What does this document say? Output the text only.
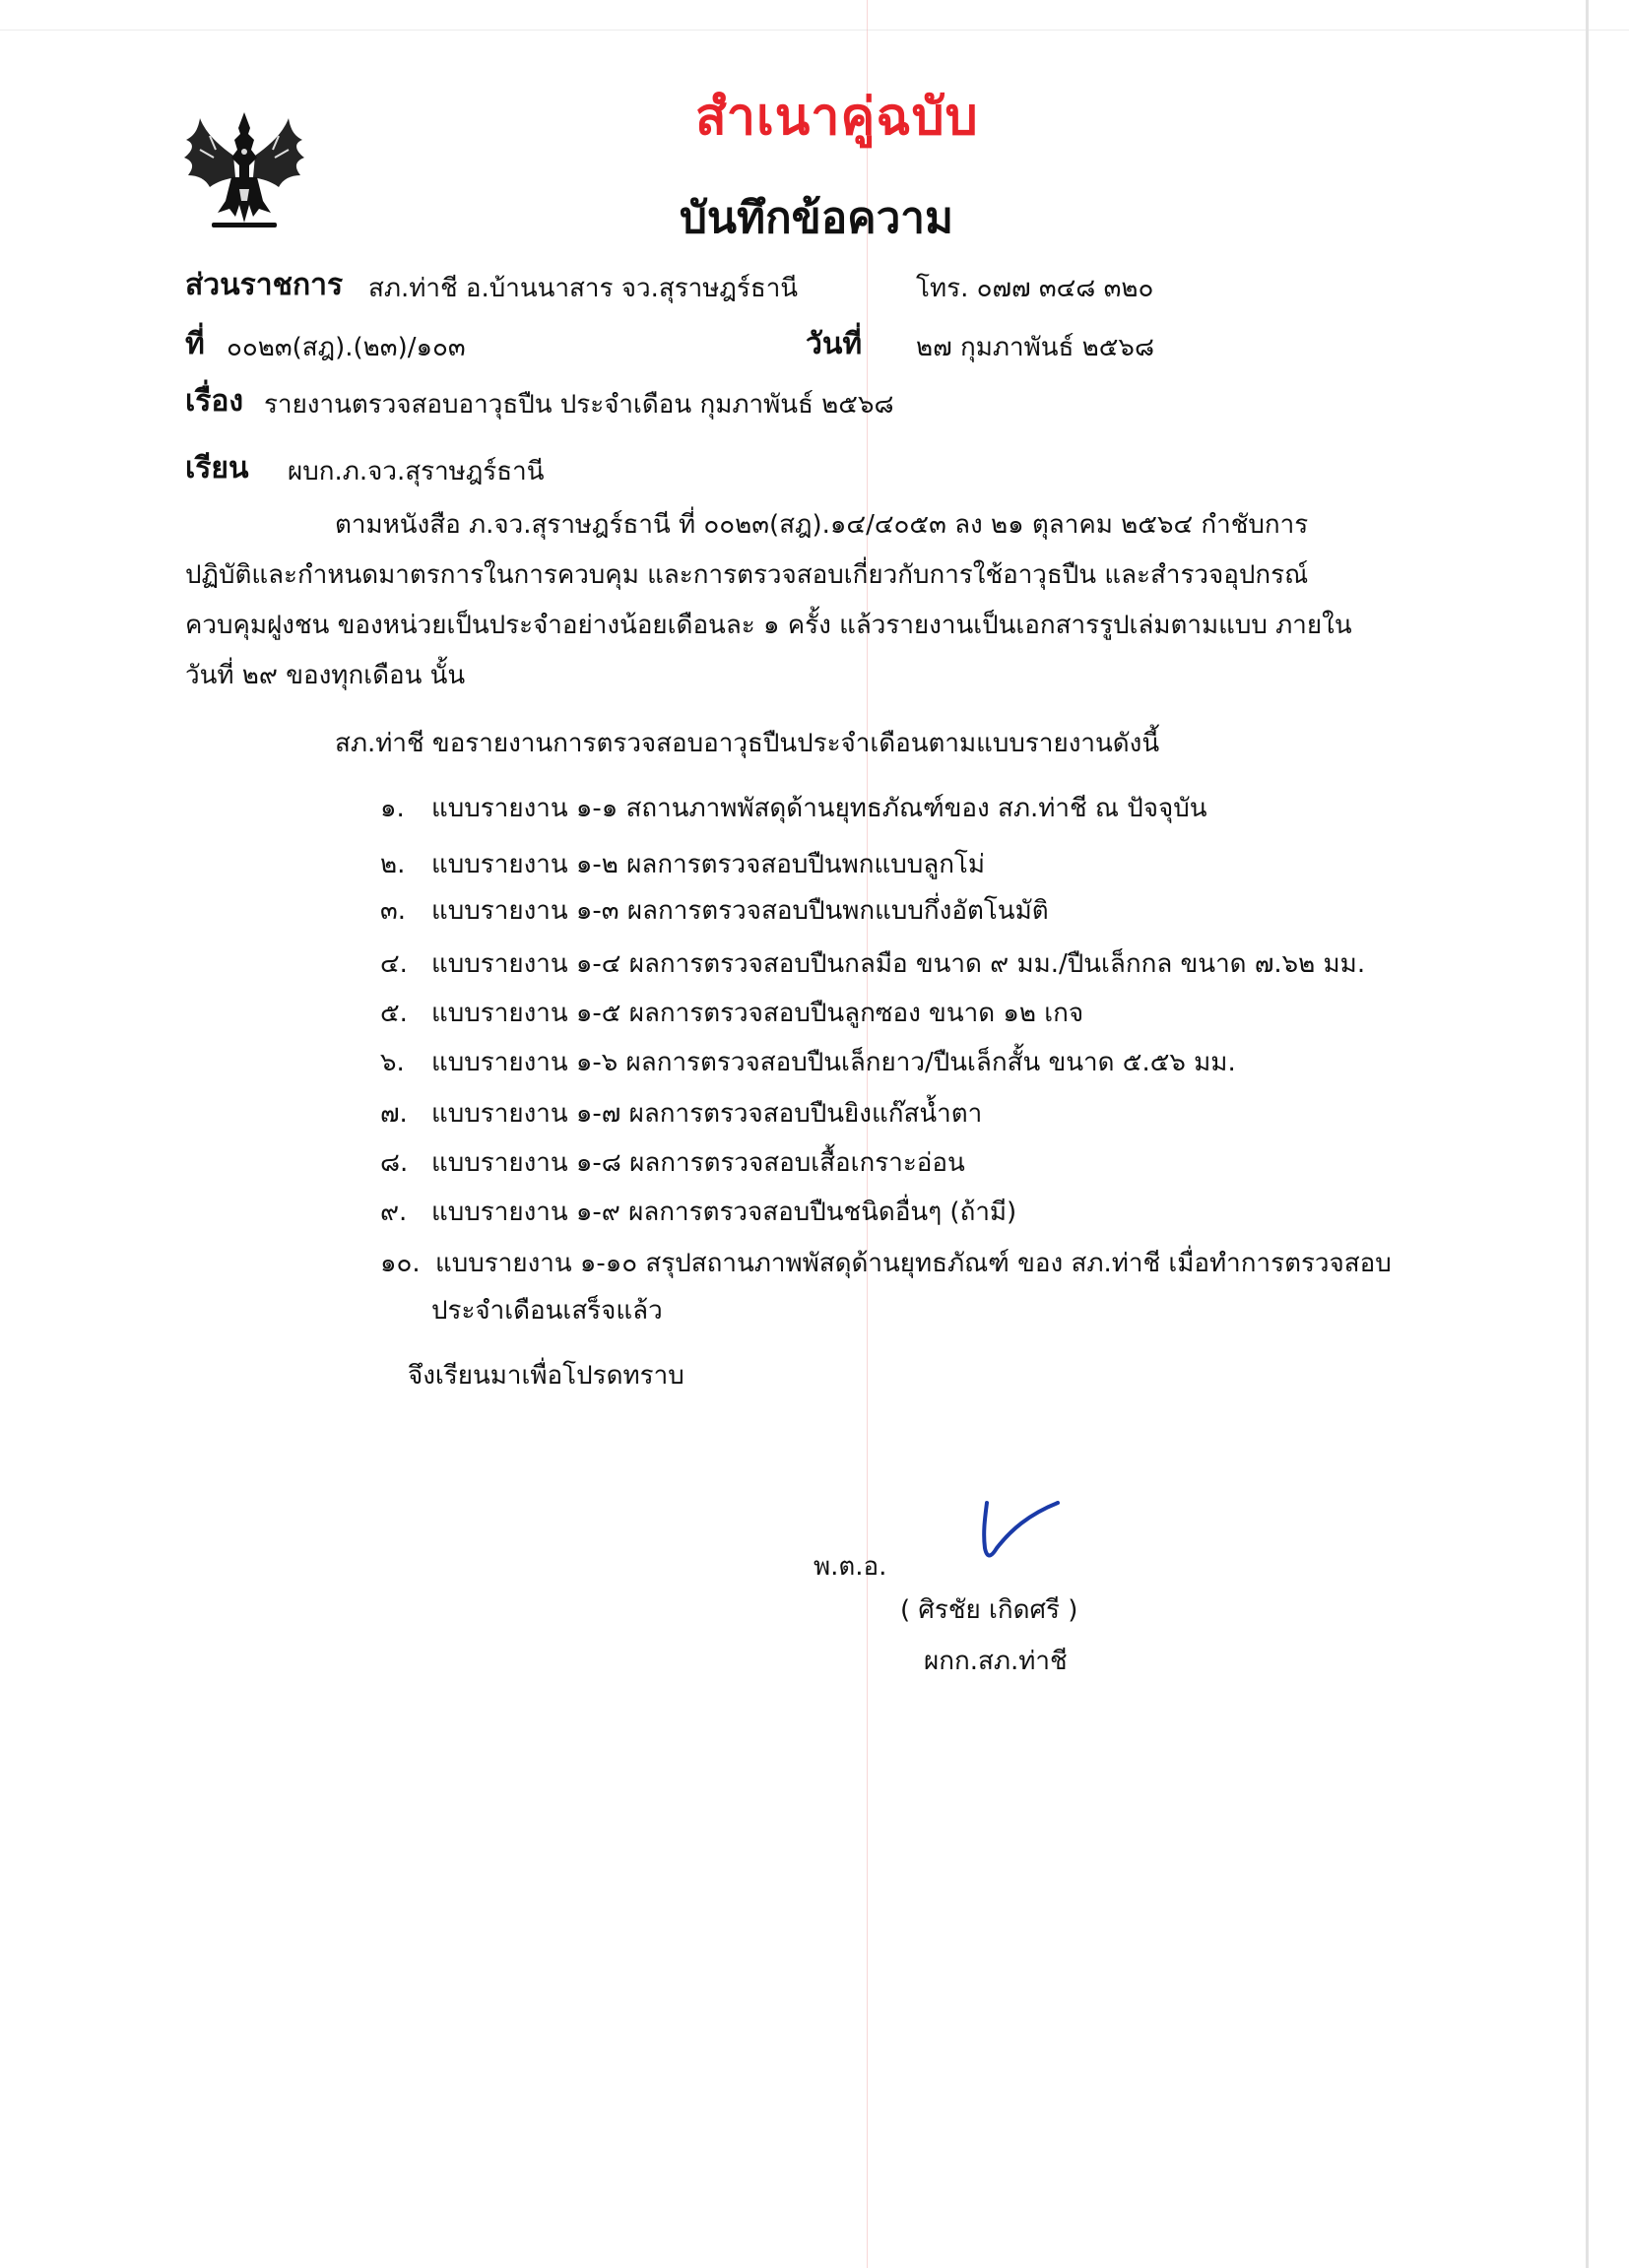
สำเนาคู่ฉบับ
บันทึกข้อความ
ส่วนราชการ สภ.ท่าชี อ.บ้านนาสาร จว.สุราษฎร์ธานี	โทร. ๐๗๗ ๓๔๘ ๓๒๐
ที่ ๐๐๒๓(สฎ).(๒๓)/๑๐๓	วันที่ ๒๗ กุมภาพันธ์ ๒๕๖๘
เรื่อง รายงานตรวจสอบอาวุธปืน ประจำเดือน กุมภาพันธ์ ๒๕๖๘
เรียน ผบก.ภ.จว.สุราษฎร์ธานี
ตามหนังสือ ภ.จว.สุราษฎร์ธานี ที่ ๐๐๒๓(สฎ).๑๔/๔๐๕๓ ลง ๒๑ ตุลาคม ๒๕๖๔ กำชับการ
ปฏิบัติและกำหนดมาตรการในการควบคุม และการตรวจสอบเกี่ยวกับการใช้อาวุธปืน และสำรวจอุปกรณ์
ควบคุมฝูงชน ของหน่วยเป็นประจำอย่างน้อยเดือนละ ๑ ครั้ง แล้วรายงานเป็นเอกสารรูปเล่มตามแบบ ภายใน
วันที่ ๒๙ ของทุกเดือน นั้น
สภ.ท่าชี ขอรายงานการตรวจสอบอาวุธปืนประจำเดือนตามแบบรายงานดังนี้
๑. แบบรายงาน ๑-๑ สถานภาพพัสดุด้านยุทธภัณฑ์ของ สภ.ท่าชี ณ ปัจจุบัน
๒. แบบรายงาน ๑-๒ ผลการตรวจสอบปืนพกแบบลูกโม่
๓. แบบรายงาน ๑-๓ ผลการตรวจสอบปืนพกแบบกึ่งอัตโนมัติ
๔. แบบรายงาน ๑-๔ ผลการตรวจสอบปืนกลมือ ขนาด ๙ มม./ปืนเล็กกล ขนาด ๗.๖๒ มม.
๕. แบบรายงาน ๑-๕ ผลการตรวจสอบปืนลูกซอง ขนาด ๑๒ เกจ
๖. แบบรายงาน ๑-๖ ผลการตรวจสอบปืนเล็กยาว/ปืนเล็กสั้น ขนาด ๕.๕๖ มม.
๗. แบบรายงาน ๑-๗ ผลการตรวจสอบปืนยิงแก๊สน้ำตา
๘. แบบรายงาน ๑-๘ ผลการตรวจสอบเสื้อเกราะอ่อน
๙. แบบรายงาน ๑-๙ ผลการตรวจสอบปืนชนิดอื่นๆ (ถ้ามี)
๑๐. แบบรายงาน ๑-๑๐ สรุปสถานภาพพัสดุด้านยุทธภัณฑ์ ของ สภ.ท่าชี เมื่อทำการตรวจสอบ
ประจำเดือนเสร็จแล้ว
จึงเรียนมาเพื่อโปรดทราบ
พ.ต.อ.
( ศิรชัย เกิดศรี )
ผกก.สภ.ท่าชี
